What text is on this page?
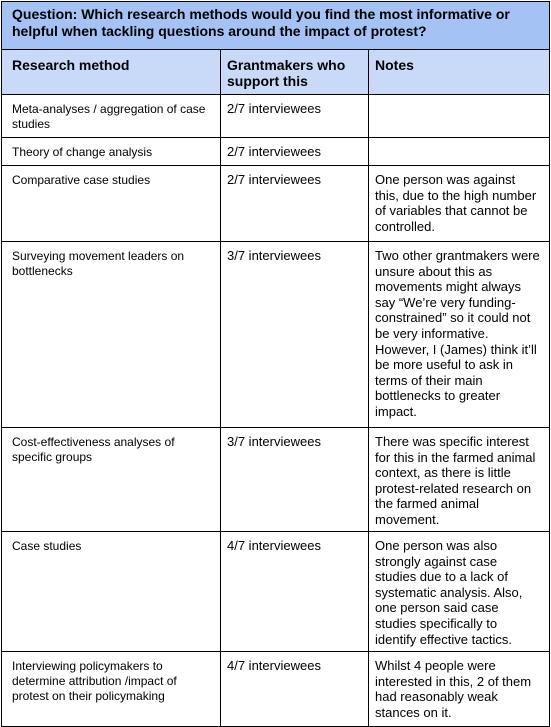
Question: Which research methods would you find the most informative or helpful when tackling questions around the impact of protest?		

Research method	Grantmakers who support this	Notes

Meta-analyses / aggregation of case studies	2/7 interviewees	

Theory of change analysis	2/7 interviewees	

Comparative case studies	2/7 interviewees	One person was against this, due to the high number of variables that cannot be controlled.

Surveying movement leaders on bottlenecks	3/7 interviewees	Two other grantmakers were unsure about this as movements might always say “We’re very funding-constrained” so it could not be very informative. However, I (James) think it’ll be more useful to ask in terms of their main bottlenecks to greater impact.

Cost-effectiveness analyses of specific groups	3/7 interviewees	There was specific interest for this in the farmed animal context, as there is little protest-related research on the farmed animal movement.

Case studies	4/7 interviewees	One person was also strongly against case studies due to a lack of systematic analysis. Also, one person said case studies specifically to identify effective tactics.

Interviewing policymakers to determine attribution /impact of protest on their policymaking	4/7 interviewees	Whilst 4 people were interested in this, 2 of them had reasonably weak stances on it.
